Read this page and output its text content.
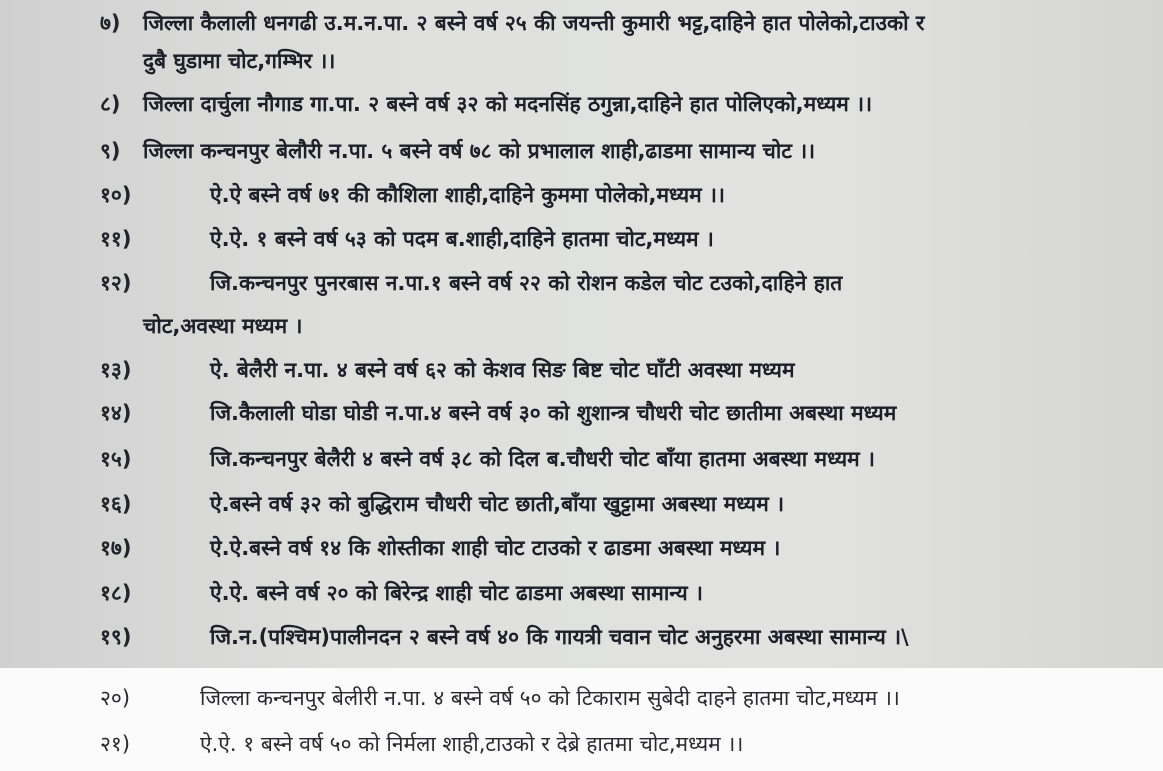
७) जिल्ला कैलाली धनगढी उ.म.न.पा. २ बस्ने वर्ष २५ की जयन्ती कुमारी भट्ट,दाहिने हात पोलेको,टाउको र
दुबै घुडामा चोट,गम्भिर ।।
८) जिल्ला दार्चुला नौगाड गा.पा. २ बस्ने वर्ष ३२ को मदनसिंह ठगुन्ना,दाहिने हात पोलिएको,मध्यम ।।
९) जिल्ला कन्चनपुर बेलौरी न.पा. ५ बस्ने वर्ष ७८ को प्रभालाल शाही,ढाडमा सामान्य चोट ।।
१०)	ऐ.ऐ बस्ने वर्ष ७१ की कौशिला शाही,दाहिने कुममा पोलेको,मध्यम ।।
११)	ऐ.ऐ. १ बस्ने वर्ष ५३ को पदम ब.शाही,दाहिने हातमा चोट,मध्यम ।
१२)	जि.कन्चनपुर पुनरबास न.पा.१ बस्ने वर्ष २२ को रोशन कडेल चोट टउको,दाहिने हात
चोट,अवस्था मध्यम ।
१३)	ऐ. बेलैरी न.पा. ४ बस्ने वर्ष ६२ को केशव सिङ बिष्ट चोट घाँटी अवस्था मध्यम
१४)	जि.कैलाली घोडा घोडी न.पा.४ बस्ने वर्ष ३० को शुशान्त्र चौधरी चोट छातीमा अबस्था मध्यम
१५)	जि.कन्चनपुर बेलैरी ४ बस्ने वर्ष ३८ को दिल ब.चौधरी चोट बाँया हातमा अबस्था मध्यम ।
१६)	ऐ.बस्ने वर्ष ३२ को बुद्धिराम चौधरी चोट छाती,बाँया खुट्टामा अबस्था मध्यम ।
१७)	ऐ.ऐ.बस्ने वर्ष १४ कि शोस्तीका शाही चोट टाउको र ढाडमा अबस्था मध्यम ।
१८)	ऐ.ऐ. बस्ने वर्ष २० को बिरेन्द्र शाही चोट ढाडमा अबस्था सामान्य ।
१९)	जि.न.(पश्चिम)पालीनदन २ बस्ने वर्ष ४० कि गायत्री चवान चोट अनुहरमा अबस्था सामान्य ।\
२०)	जिल्ला कन्चनपुर बेलीरी न.पा. ४ बस्ने वर्ष ५० को टिकाराम सुबेदी दाहने हातमा चोट,मध्यम ।।
२१)	ऐ.ऐ. १ बस्ने वर्ष ५० को निर्मला शाही,टाउको र देब्रे हातमा चोट,मध्यम ।।
